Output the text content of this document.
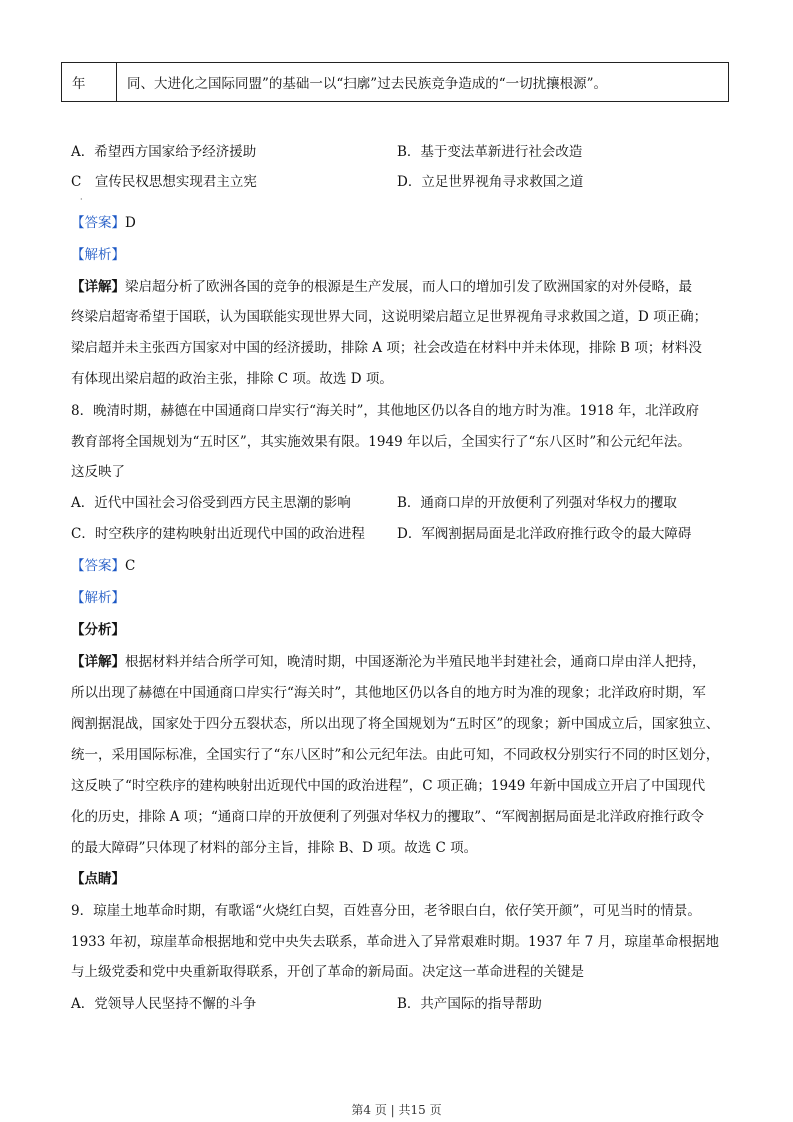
年	同、大进化之国际同盟”的基础一以“扫廓”过去民族竞争造成的“一切扰攘根源”。
A．希望西方国家给予经济援助	B．基于变法革新进行社会改造
C　宣传民权思想实现君主立宪	D．立足世界视角寻求救国之道
·
【答案】D
【解析】
【详解】梁启超分析了欧洲各国的竞争的根源是生产发展，而人口的增加引发了欧洲国家的对外侵略，最
终梁启超寄希望于国联，认为国联能实现世界大同，这说明梁启超立足世界视角寻求救国之道，D 项正确；
梁启超并未主张西方国家对中国的经济援助，排除 A 项；社会改造在材料中并未体现，排除 B 项；材料没
有体现出梁启超的政治主张，排除 C 项。故选 D 项。
8．晚清时期，赫德在中国通商口岸实行“海关时”，其他地区仍以各自的地方时为准。1918 年，北洋政府
教育部将全国规划为“五时区”，其实施效果有限。1949 年以后，全国实行了“东八区时”和公元纪年法。
这反映了
A．近代中国社会习俗受到西方民主思潮的影响	B．通商口岸的开放便利了列强对华权力的攫取
C．时空秩序的建构映射出近现代中国的政治进程 D．军阀割据局面是北洋政府推行政令的最大障碍
【答案】C
【解析】
【分析】
【详解】根据材料并结合所学可知，晚清时期，中国逐渐沦为半殖民地半封建社会，通商口岸由洋人把持，
所以出现了赫德在中国通商口岸实行“海关时”，其他地区仍以各自的地方时为准的现象；北洋政府时期，军
阀割据混战，国家处于四分五裂状态，所以出现了将全国规划为“五时区”的现象；新中国成立后，国家独立、
统一，采用国际标准，全国实行了“东八区时”和公元纪年法。由此可知，不同政权分别实行不同的时区划分，
这反映了“时空秩序的建构映射出近现代中国的政治进程”，C 项正确；1949 年新中国成立开启了中国现代
化的历史，排除 A 项；“通商口岸的开放便利了列强对华权力的攫取”、“军阀割据局面是北洋政府推行政令
的最大障碍”只体现了材料的部分主旨，排除 B、D 项。故选 C 项。
【点睛】
9．琼崖土地革命时期，有歌谣“火烧红白契，百姓喜分田，老爷眼白白，依仔笑开颜”，可见当时的情景。
1933 年初，琼崖革命根据地和党中央失去联系，革命进入了异常艰难时期。1937 年 7 月，琼崖革命根据地
与上级党委和党中央重新取得联系，开创了革命的新局面。决定这一革命进程的关键是
A．党领导人民坚持不懈的斗争	B．共产国际的指导帮助
第4 页 | 共15 页
